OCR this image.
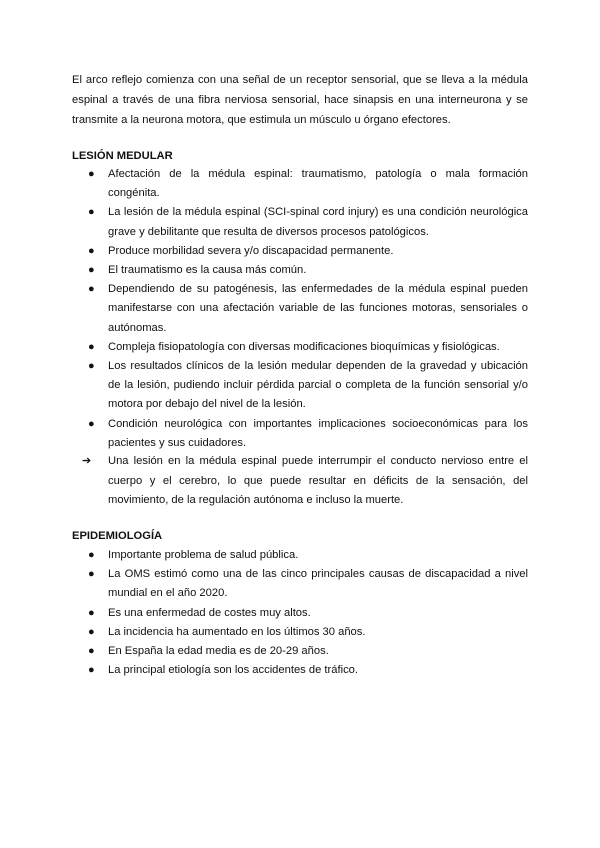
El arco reflejo comienza con una señal de un receptor sensorial, que se lleva a la médula espinal a través de una fibra nerviosa sensorial, hace sinapsis en una interneurona y se transmite a la neurona motora, que estimula un músculo u órgano efectores.

LESIÓN MEDULAR
● Afectación de la médula espinal: traumatismo, patología o mala formación congénita.
● La lesión de la médula espinal (SCI-spinal cord injury) es una condición neurológica grave y debilitante que resulta de diversos procesos patológicos.
● Produce morbilidad severa y/o discapacidad permanente.
● El traumatismo es la causa más común.
● Dependiendo de su patogénesis, las enfermedades de la médula espinal pueden manifestarse con una afectación variable de las funciones motoras, sensoriales o autónomas.
● Compleja fisiopatología con diversas modificaciones bioquímicas y fisiológicas.
● Los resultados clínicos de la lesión medular dependen de la gravedad y ubicación de la lesión, pudiendo incluir pérdida parcial o completa de la función sensorial y/o motora por debajo del nivel de la lesión.
● Condición neurológica con importantes implicaciones socioeconómicas para los pacientes y sus cuidadores.

➔ Una lesión en la médula espinal puede interrumpir el conducto nervioso entre el cuerpo y el cerebro, lo que puede resultar en déficits de la sensación, del movimiento, de la regulación autónoma e incluso la muerte.

EPIDEMIOLOGÍA
● Importante problema de salud pública.
● La OMS estimó como una de las cinco principales causas de discapacidad a nivel mundial en el año 2020.
● Es una enfermedad de costes muy altos.
● La incidencia ha aumentado en los últimos 30 años.
● En España la edad media es de 20-29 años.
● La principal etiología son los accidentes de tráfico.
